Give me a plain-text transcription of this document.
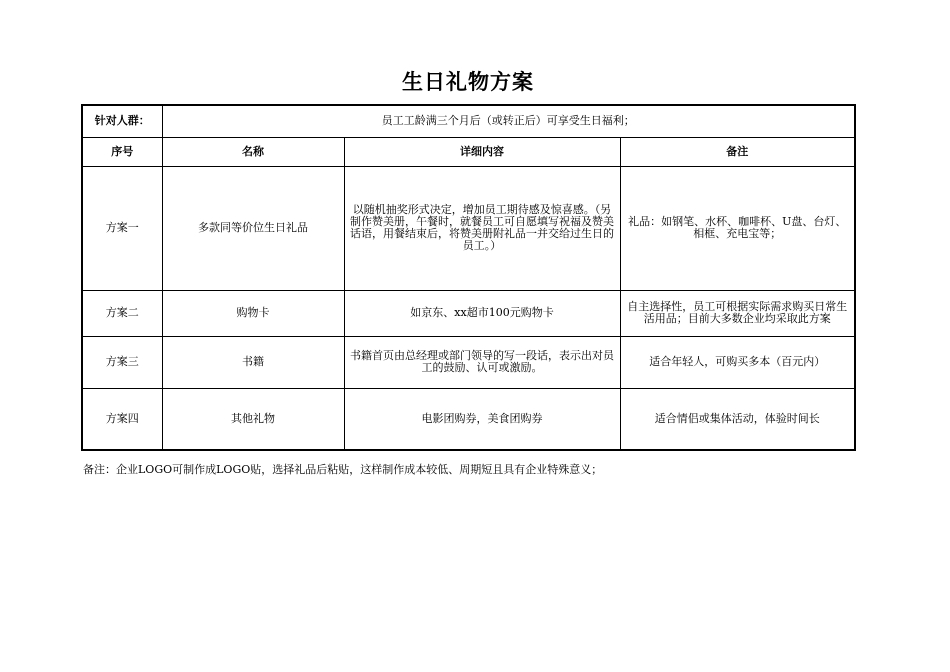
生日礼物方案
针对人群：	员工工龄满三个月后（或转正后）可享受生日福利；		
序号	名称	详细内容	备注
方案一	多款同等价位生日礼品	以随机抽奖形式决定，增加员工期待感及惊喜感。（另制作赞美册，午餐时，就餐员工可自愿填写祝福及赞美话语，用餐结束后，将赞美册附礼品一并交给过生日的员工。）	礼品：如钢笔、水杯、咖啡杯、U盘、台灯、相框、充电宝等；
方案二	购物卡	如京东、xx超市100元购物卡	自主选择性，员工可根据实际需求购买日常生活用品；目前大多数企业均采取此方案
方案三	书籍	书籍首页由总经理或部门领导的写一段话，表示出对员工的鼓励、认可或激励。	适合年轻人，可购买多本（百元内）
方案四	其他礼物	电影团购券，美食团购券	适合情侣或集体活动，体验时间长
备注：企业LOGO可制作成LOGO贴，选择礼品后粘贴，这样制作成本较低、周期短且具有企业特殊意义；
